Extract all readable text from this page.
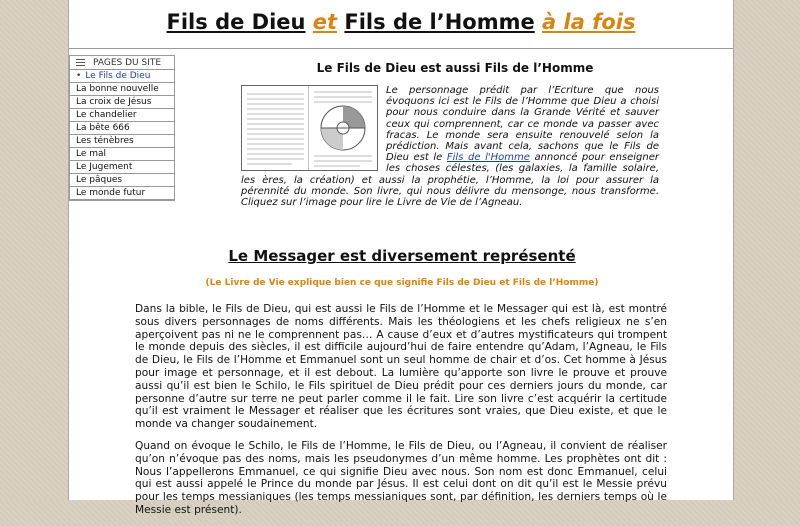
Fils de Dieu et Fils de l’Homme à la fois
PAGES DU SITE
• Le Fils de Dieu
La bonne nouvelle
La croix de Jésus
Le chandelier
La bête 666
Les ténèbres
Le mal
Le Jugement
Le pâques
Le monde futur
Le Fils de Dieu est aussi Fils de l’Homme
Le personnage prédit par l’Ecriture que nous évoquons ici est le Fils de l’Homme que Dieu a choisi pour nous conduire dans la Grande Vérité et sauver ceux qui comprennent, car ce monde va passer avec fracas. Le monde sera ensuite renouvelé selon la prédiction. Mais avant cela, sachons que le Fils de Dieu est le Fils de l'Homme annoncé pour enseigner les choses célestes, (les galaxies, la famille solaire, les ères, la création) et aussi la prophétie, l’Homme, la loi pour assurer la pérennité du monde. Son livre, qui nous délivre du mensonge, nous transforme. Cliquez sur l’image pour lire le Livre de Vie de l’Agneau.
Le Messager est diversement représenté
(Le Livre de Vie explique bien ce que signifie Fils de Dieu et Fils de l’Homme)

Dans la bible, le Fils de Dieu, qui est aussi le Fils de l’Homme et le Messager qui est là, est montré sous divers personnages de noms différents. Mais les théologiens et les chefs religieux ne s’en aperçoivent pas ni ne le comprennent pas… A cause d’eux et d’autres mystificateurs qui trompent le monde depuis des siècles, il est difficile aujourd’hui de faire entendre qu’Adam, l’Agneau, le Fils de Dieu, le Fils de l’Homme et Emmanuel sont un seul homme de chair et d’os. Cet homme à Jésus pour image et personnage, et il est debout. La lumière qu’apporte son livre le prouve et prouve aussi qu’il est bien le Schilo, le Fils spirituel de Dieu prédit pour ces derniers jours du monde, car personne d’autre sur terre ne peut parler comme il le fait. Lire son livre c’est acquérir la certitude qu’il est vraiment le Messager et réaliser que les écritures sont vraies, que Dieu existe, et que le monde va changer soudainement.

Quand on évoque le Schilo, le Fils de l’Homme, le Fils de Dieu, ou l’Agneau, il convient de réaliser qu’on n’évoque pas des noms, mais les pseudonymes d’un même homme. Les prophètes ont dit : Nous l’appellerons Emmanuel, ce qui signifie Dieu avec nous. Son nom est donc Emmanuel, celui qui est aussi appelé le Prince du monde par Jésus. Il est celui dont on dit qu’il est le Messie prévu pour les temps messianiques (les temps messianiques sont, par définition, les derniers temps où le Messie est présent).
